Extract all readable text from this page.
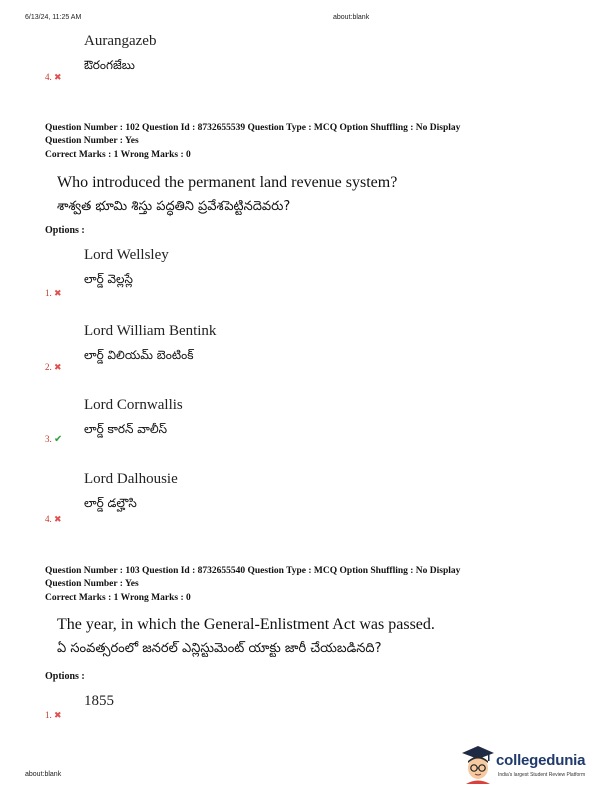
6/13/24, 11:25 AM	about:blank
Aurangazeb
ఔరంగజేబు
4. ✖
Question Number : 102 Question Id : 8732655539 Question Type : MCQ Option Shuffling : No Display
Question Number : Yes
Correct Marks : 1 Wrong Marks : 0
Who introduced the permanent land revenue system?
శాశ్వత భూమి శిస్తు పద్ధతిని ప్రవేశపెట్టినదెవరు?
Options :
Lord Wellsley
లార్డ్ వెల్లస్లే
1. ✖
Lord William Bentink
లార్డ్ విలియమ్ బెంటింక్
2. ✖
Lord Cornwallis
లార్డ్ కారన్ వాలీస్
3. ✔
Lord Dalhousie
లార్డ్ డల్హౌసి
4. ✖
Question Number : 103 Question Id : 8732655540 Question Type : MCQ Option Shuffling : No Display
Question Number : Yes
Correct Marks : 1 Wrong Marks : 0
The year, in which the General-Enlistment Act was passed.
ఏ సంవత్సరంలో జనరల్ ఎన్లిస్టుమెంట్ యాక్టు జారీ చేయబడినది?
Options :
1855
1. ✖
about:blank
collegedunia
India's largest Student Review Platform
